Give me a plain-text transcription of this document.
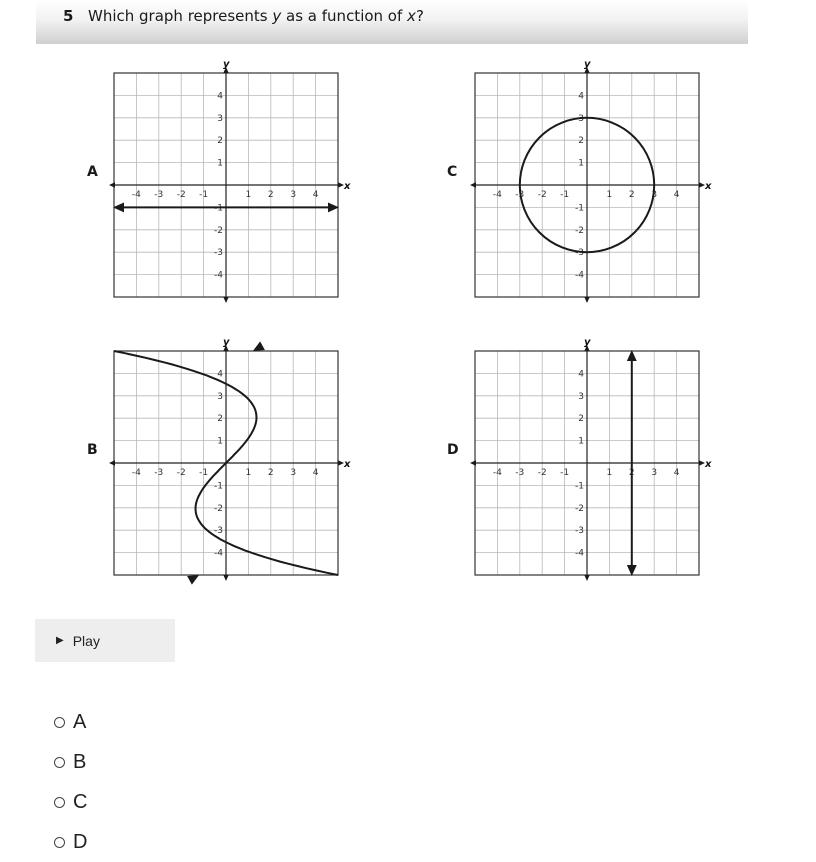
5 Which graph represents y as a function of x?
x
y
-4
-4
-3
-3
-2
-2
-1
-1
1
1
2
2
3
3
4
4
x
y
-4
-4
-3
-3
-2
-2
-1
-1
1
1
2
2
3
3
4
4
x
y
-4
-4
-3
-3
-2
-2
-1
-1
1
1
2
2
3
3
4
4
x
y
-4
-4
-3
-3
-2
-2
-1
-1
1
1
2
2
3
3
4
4
A	C
B	D
▶ Play
A
B
C
D
